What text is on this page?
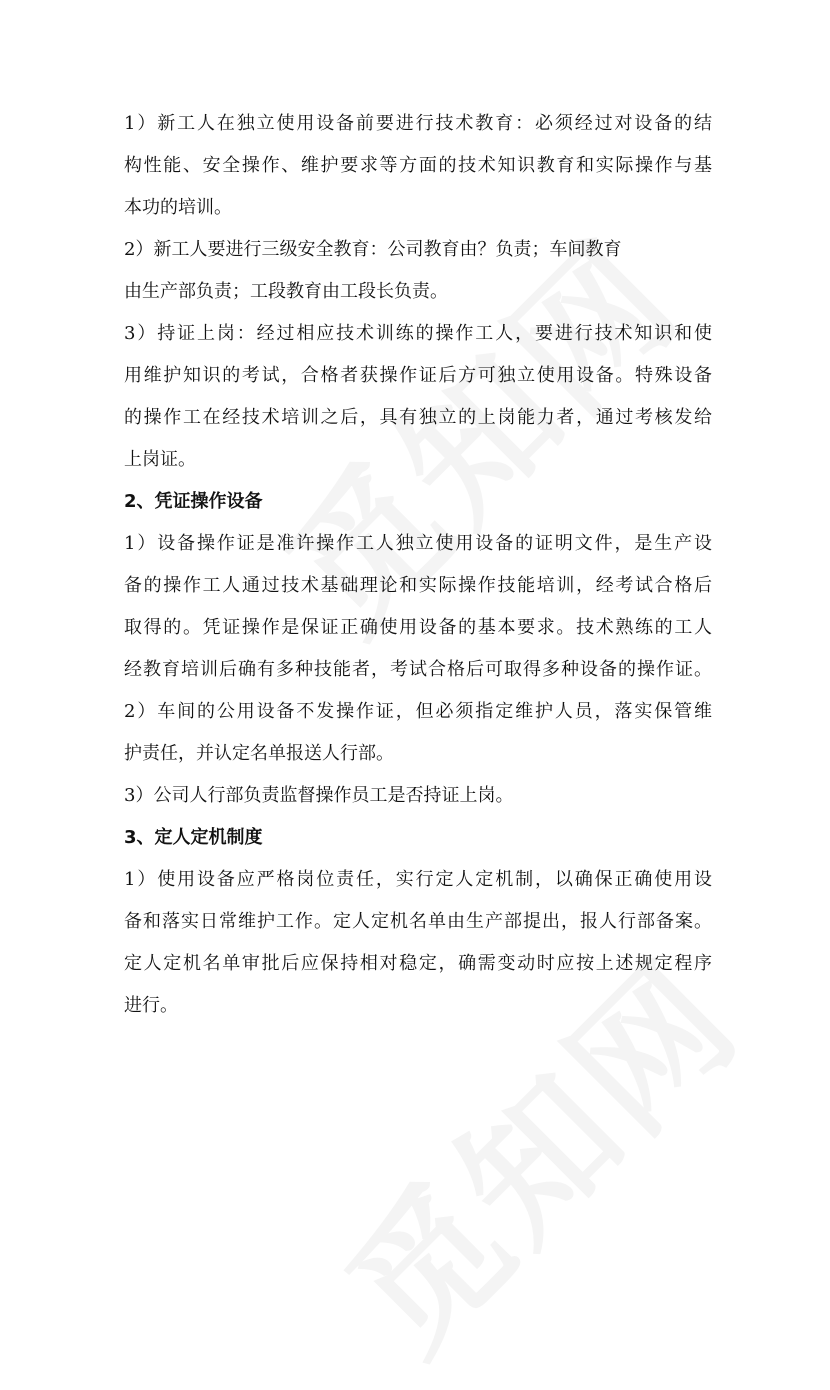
1）新工人在独立使用设备前要进行技术教育：必须经过对设备的结
构性能、安全操作、维护要求等方面的技术知识教育和实际操作与基
本功的培训。
2）新工人要进行三级安全教育：公司教育由？负责；车间教育
由生产部负责；工段教育由工段长负责。
3）持证上岗：经过相应技术训练的操作工人，要进行技术知识和使
用维护知识的考试，合格者获操作证后方可独立使用设备。特殊设备
的操作工在经技术培训之后，具有独立的上岗能力者，通过考核发给
上岗证。
2、凭证操作设备
1）设备操作证是准许操作工人独立使用设备的证明文件，是生产设
备的操作工人通过技术基础理论和实际操作技能培训，经考试合格后
取得的。凭证操作是保证正确使用设备的基本要求。技术熟练的工人
经教育培训后确有多种技能者，考试合格后可取得多种设备的操作证。
2）车间的公用设备不发操作证，但必须指定维护人员，落实保管维
护责任，并认定名单报送人行部。
3）公司人行部负责监督操作员工是否持证上岗。
3、定人定机制度
1）使用设备应严格岗位责任，实行定人定机制，以确保正确使用设
备和落实日常维护工作。定人定机名单由生产部提出，报人行部备案。
定人定机名单审批后应保持相对稳定，确需变动时应按上述规定程序
进行。
